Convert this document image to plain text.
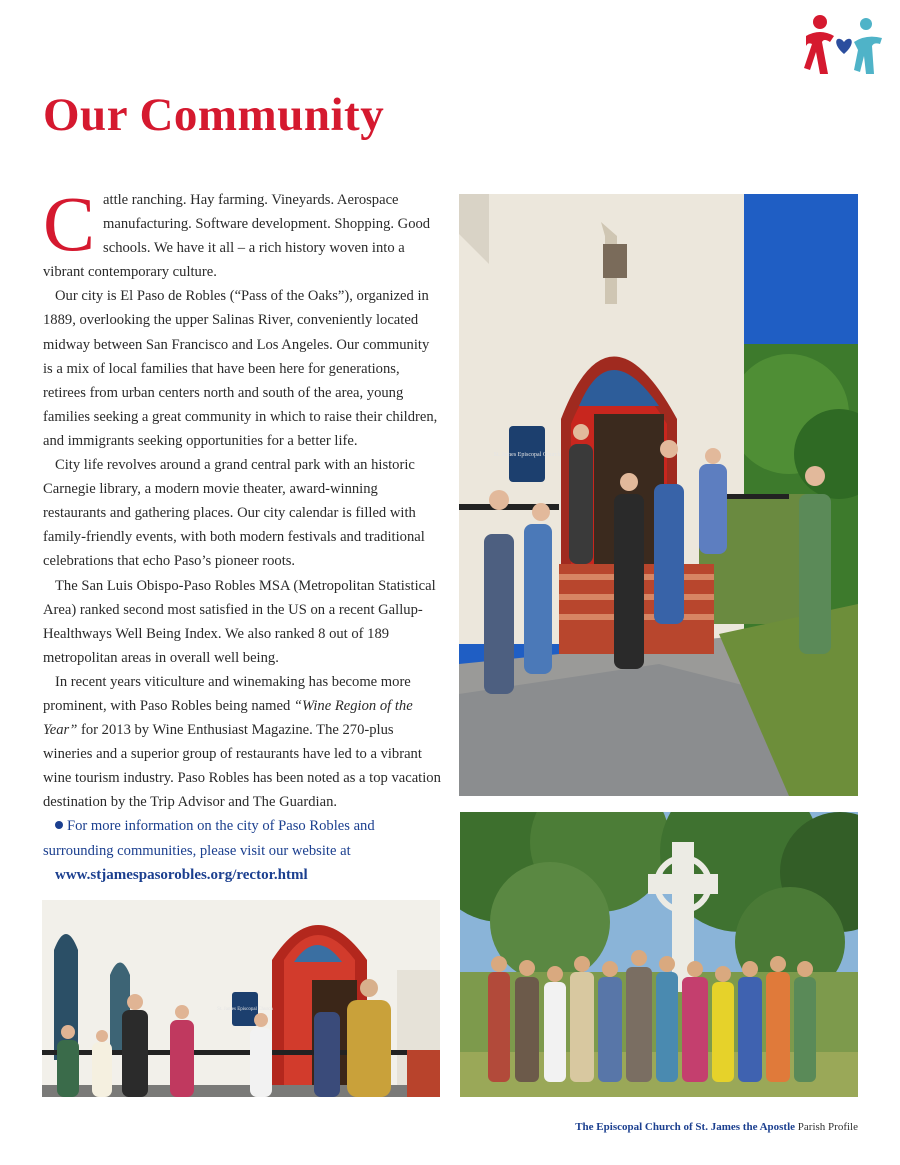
Our Community

Cattle ranching. Hay farming. Vineyards. Aerospace manufacturing. Software development. Shopping. Good schools. We have it all – a rich history woven into a vibrant contemporary culture.

Our city is El Paso de Robles (“Pass of the Oaks”), organized in 1889, overlooking the upper Salinas River, conveniently located midway between San Francisco and Los Angeles. Our community is a mix of local families that have been here for generations, retirees from urban centers north and south of the area, young families seeking a great community in which to raise their children, and immigrants seeking opportunities for a better life.

City life revolves around a grand central park with an historic Carnegie library, a modern movie theater, award-winning restaurants and gathering places. Our city calendar is filled with family-friendly events, with both modern festivals and traditional celebrations that echo Paso’s pioneer roots.

The San Luis Obispo-Paso Robles MSA (Metropolitan Statistical Area) ranked second most satisfied in the US on a recent Gallup-Healthways Well Being Index. We also ranked 8 out of 189 metropolitan areas in overall well being.

In recent years viticulture and winemaking has become more prominent, with Paso Robles being named “Wine Region of the Year” for 2013 by Wine Enthusiast Magazine. The 270-plus wineries and a superior group of restaurants have led to a vibrant wine tourism industry. Paso Robles has been noted as a top vacation destination by the Trip Advisor and The Guardian.

For more information on the city of Paso Robles and surrounding communities, please visit our website at

www.stjamespasorobles.org/rector.html

St. James Episcopal Church
St. James Episcopal Church
The Episcopal Church of St. James the Apostle Parish Profile
